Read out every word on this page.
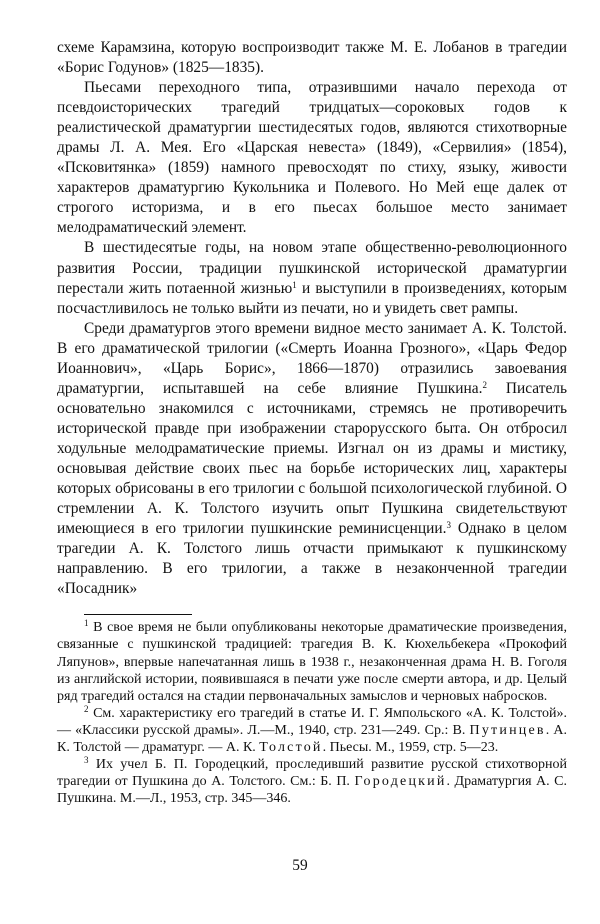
схеме Карамзина, которую воспроизводит также М. Е. Лобанов в трагедии «Борис Годунов» (1825—1835).

Пьесами переходного типа, отразившими начало перехода от псевдоисторических трагедий тридцатых—сороковых годов к реалистической драматургии шестидесятых годов, являются стихотворные драмы Л. А. Мея. Его «Царская невеста» (1849), «Сервилия» (1854), «Псковитянка» (1859) намного превосходят по стиху, языку, живости характеров драматургию Кукольника и Полевого. Но Мей еще далек от строгого историзма, и в его пьесах большое место занимает мелодраматический элемент.

В шестидесятые годы, на новом этапе общественно-революционного развития России, традиции пушкинской исторической драматургии перестали жить потаенной жизнью$^1$ и выступили в произведениях, которым посчастливилось не только выйти из печати, но и увидеть свет рампы.

Среди драматургов этого времени видное место занимает А. К. Толстой. В его драматической трилогии («Смерть Иоанна Грозного», «Царь Федор Иоаннович», «Царь Борис», 1866—1870) отразились завоевания драматургии, испытавшей на себе влияние Пушкина.$^2$ Писатель основательно знакомился с источниками, стремясь не противоречить исторической правде при изображении старорусского быта. Он отбросил ходульные мелодраматические приемы. Изгнал он из драмы и мистику, основывая действие своих пьес на борьбе исторических лиц, характеры которых обрисованы в его трилогии с большой психологической глубиной. О стремлении А. К. Толстого изучить опыт Пушкина свидетельствуют имеющиеся в его трилогии пушкинские реминисценции.$^3$ Однако в целом трагедии А. К. Толстого лишь отчасти примыкают к пушкинскому направлению. В его трилогии, а также в незаконченной трагедии «Посадник»

$^1$ В свое время не были опубликованы некоторые драматические произведения, связанные с пушкинской традицией: трагедия В. К. Кюхельбекера «Прокофий Ляпунов», впервые напечатанная лишь в 1938 г., незаконченная драма Н. В. Гоголя из английской истории, появившаяся в печати уже после смерти автора, и др. Целый ряд трагедий остался на стадии первоначальных замыслов и черновых набросков.

$^2$ См. характеристику его трагедий в статье И. Г. Ямпольского «А. К. Толстой». — «Классики русской драмы». Л.—М., 1940, стр. 231—249. Ср.: В. Путинцев. А. К. Толстой — драматург. — А. К. Толстой. Пьесы. М., 1959, стр. 5—23.

$^3$ Их учел Б. П. Городецкий, проследивший развитие русской стихотворной трагедии от Пушкина до А. Толстого. См.: Б. П. Городецкий. Драматургия А. С. Пушкина. М.—Л., 1953, стр. 345—346.

59
